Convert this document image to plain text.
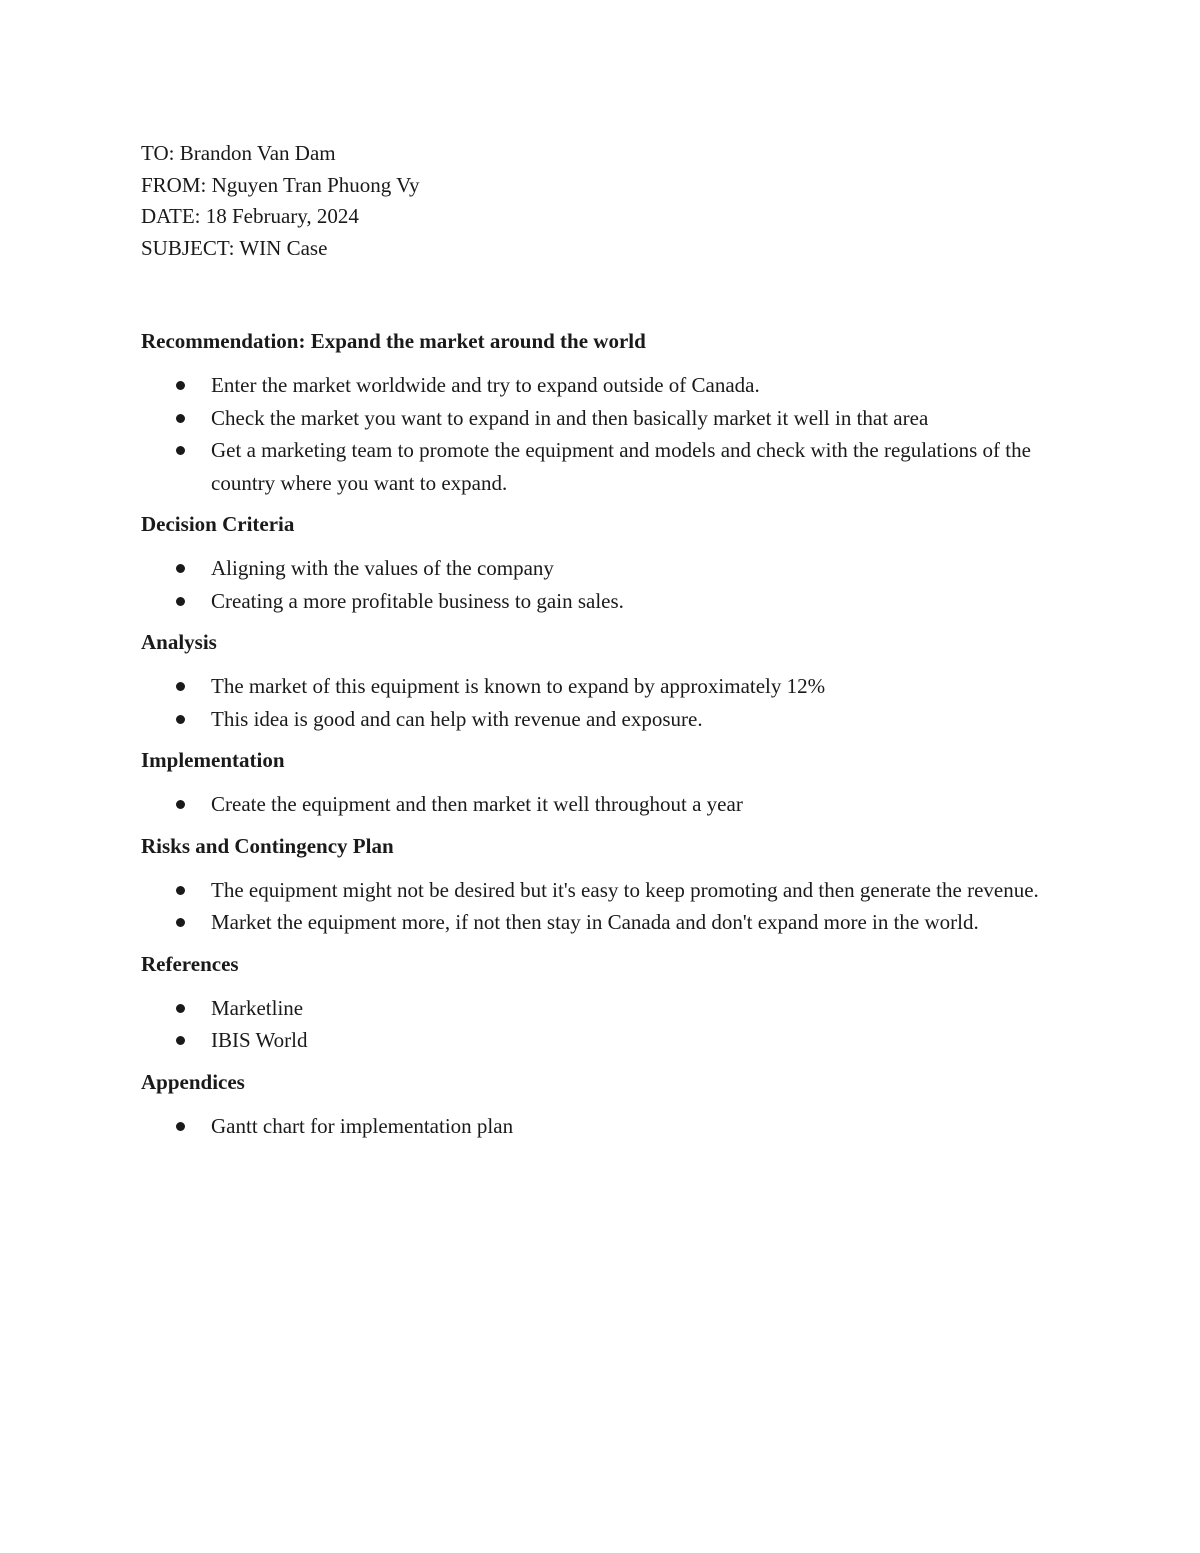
TO: Brandon Van Dam

FROM: Nguyen Tran Phuong Vy

DATE: 18 February, 2024

SUBJECT: WIN Case

Recommendation: Expand the market around the world

Enter the market worldwide and try to expand outside of Canada.
Check the market you want to expand in and then basically market it well in that area
Get a marketing team to promote the equipment and models and check with the regulations of the country where you want to expand.

Decision Criteria

Aligning with the values of the company
Creating a more profitable business to gain sales.

Analysis

The market of this equipment is known to expand by approximately 12%
This idea is good and can help with revenue and exposure.

Implementation

Create the equipment and then market it well throughout a year

Risks and Contingency Plan

The equipment might not be desired but it's easy to keep promoting and then generate the revenue.
Market the equipment more, if not then stay in Canada and don't expand more in the world.

References

Marketline
IBIS World

Appendices

Gantt chart for implementation plan
